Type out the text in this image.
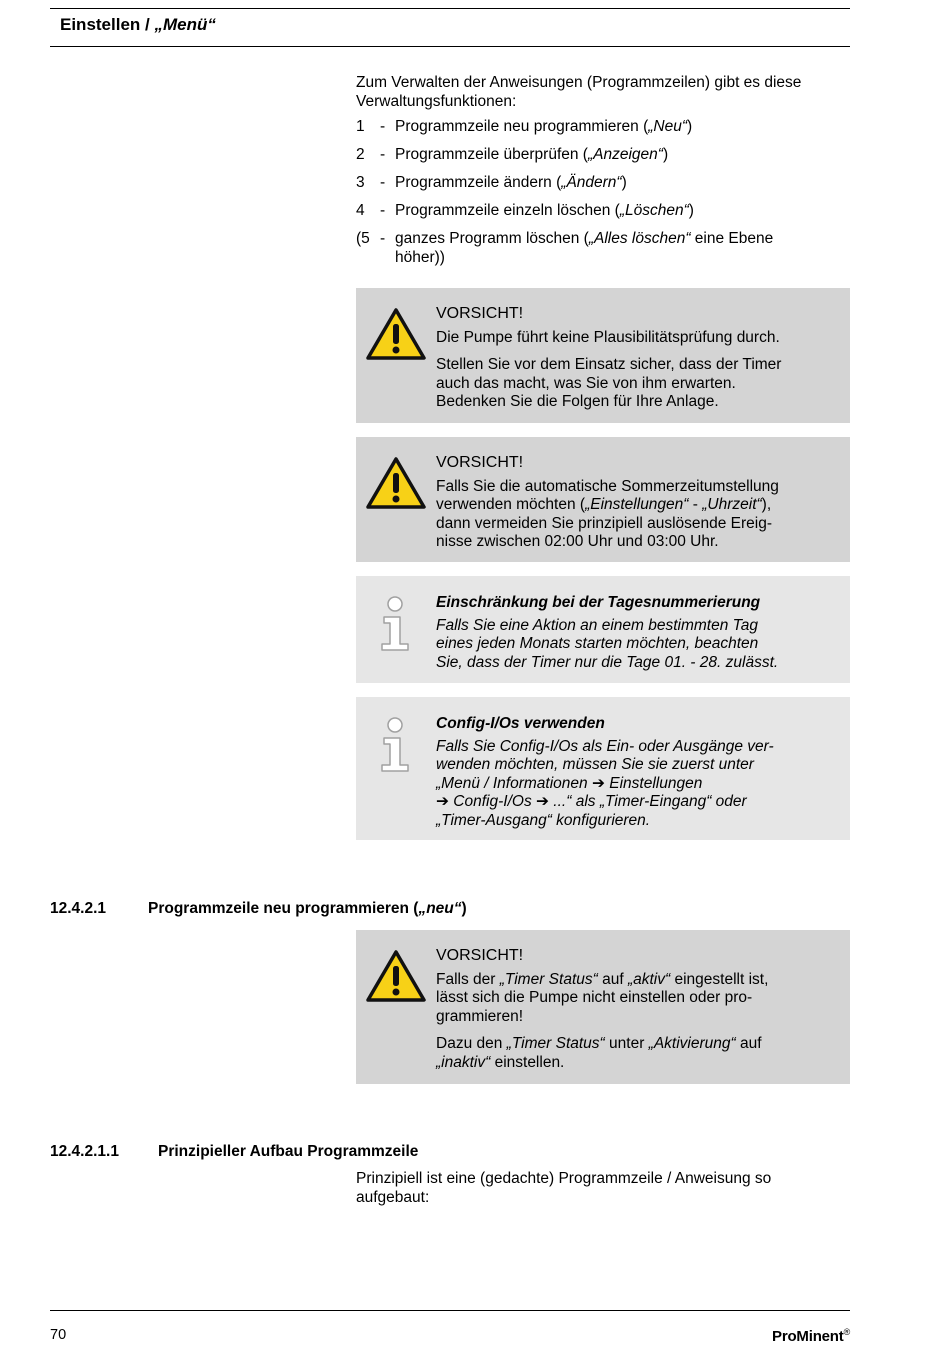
Einstellen / „Menü“
Zum Verwalten der Anweisungen (Programmzeilen) gibt es diese Verwaltungsfunktionen:
1 - Programmzeile neu programmieren („Neu“)
2 - Programmzeile überprüfen („Anzeigen“)
3 - Programmzeile ändern („Ändern“)
4 - Programmzeile einzeln löschen („Löschen“)
(5 - ganzes Programm löschen („Alles löschen“ eine Ebene
höher))

VORSICHT!

Die Pumpe führt keine Plausibilitätsprüfung durch.

Stellen Sie vor dem Einsatz sicher, dass der Timer

auch das macht, was Sie von ihm erwarten.

Bedenken Sie die Folgen für Ihre Anlage.

VORSICHT!

Falls Sie die automatische Sommerzeitumstellung

verwenden möchten („Einstellungen“ - „Uhrzeit“),

dann vermeiden Sie prinzipiell auslösende Ereig-

nisse zwischen 02:00 Uhr und 03:00 Uhr.

Einschränkung bei der Tagesnummerierung

Falls Sie eine Aktion an einem bestimmten Tag

eines jeden Monats starten möchten, beachten

Sie, dass der Timer nur die Tage 01. - 28. zulässt.

Config-I/Os verwenden

Falls Sie Config-I/Os als Ein- oder Ausgänge ver-

wenden möchten, müssen Sie sie zuerst unter

„Menü / Informationen ➔ Einstellungen

➔ Config-I/Os ➔ ...“ als „Timer-Eingang“ oder

„Timer-Ausgang“ konfigurieren.

12.4.2.1	Programmzeile neu programmieren („neu“)

VORSICHT!

Falls der „Timer Status“ auf „aktiv“ eingestellt ist,

lässt sich die Pumpe nicht einstellen oder pro-

grammieren!

Dazu den „Timer Status“ unter „Aktivierung“ auf

„inaktiv“ einstellen.

12.4.2.1.1	Prinzipieller Aufbau Programmzeile
Prinzipiell ist eine (gedachte) Programmzeile / Anweisung so aufgebaut:
70	ProMinent®
